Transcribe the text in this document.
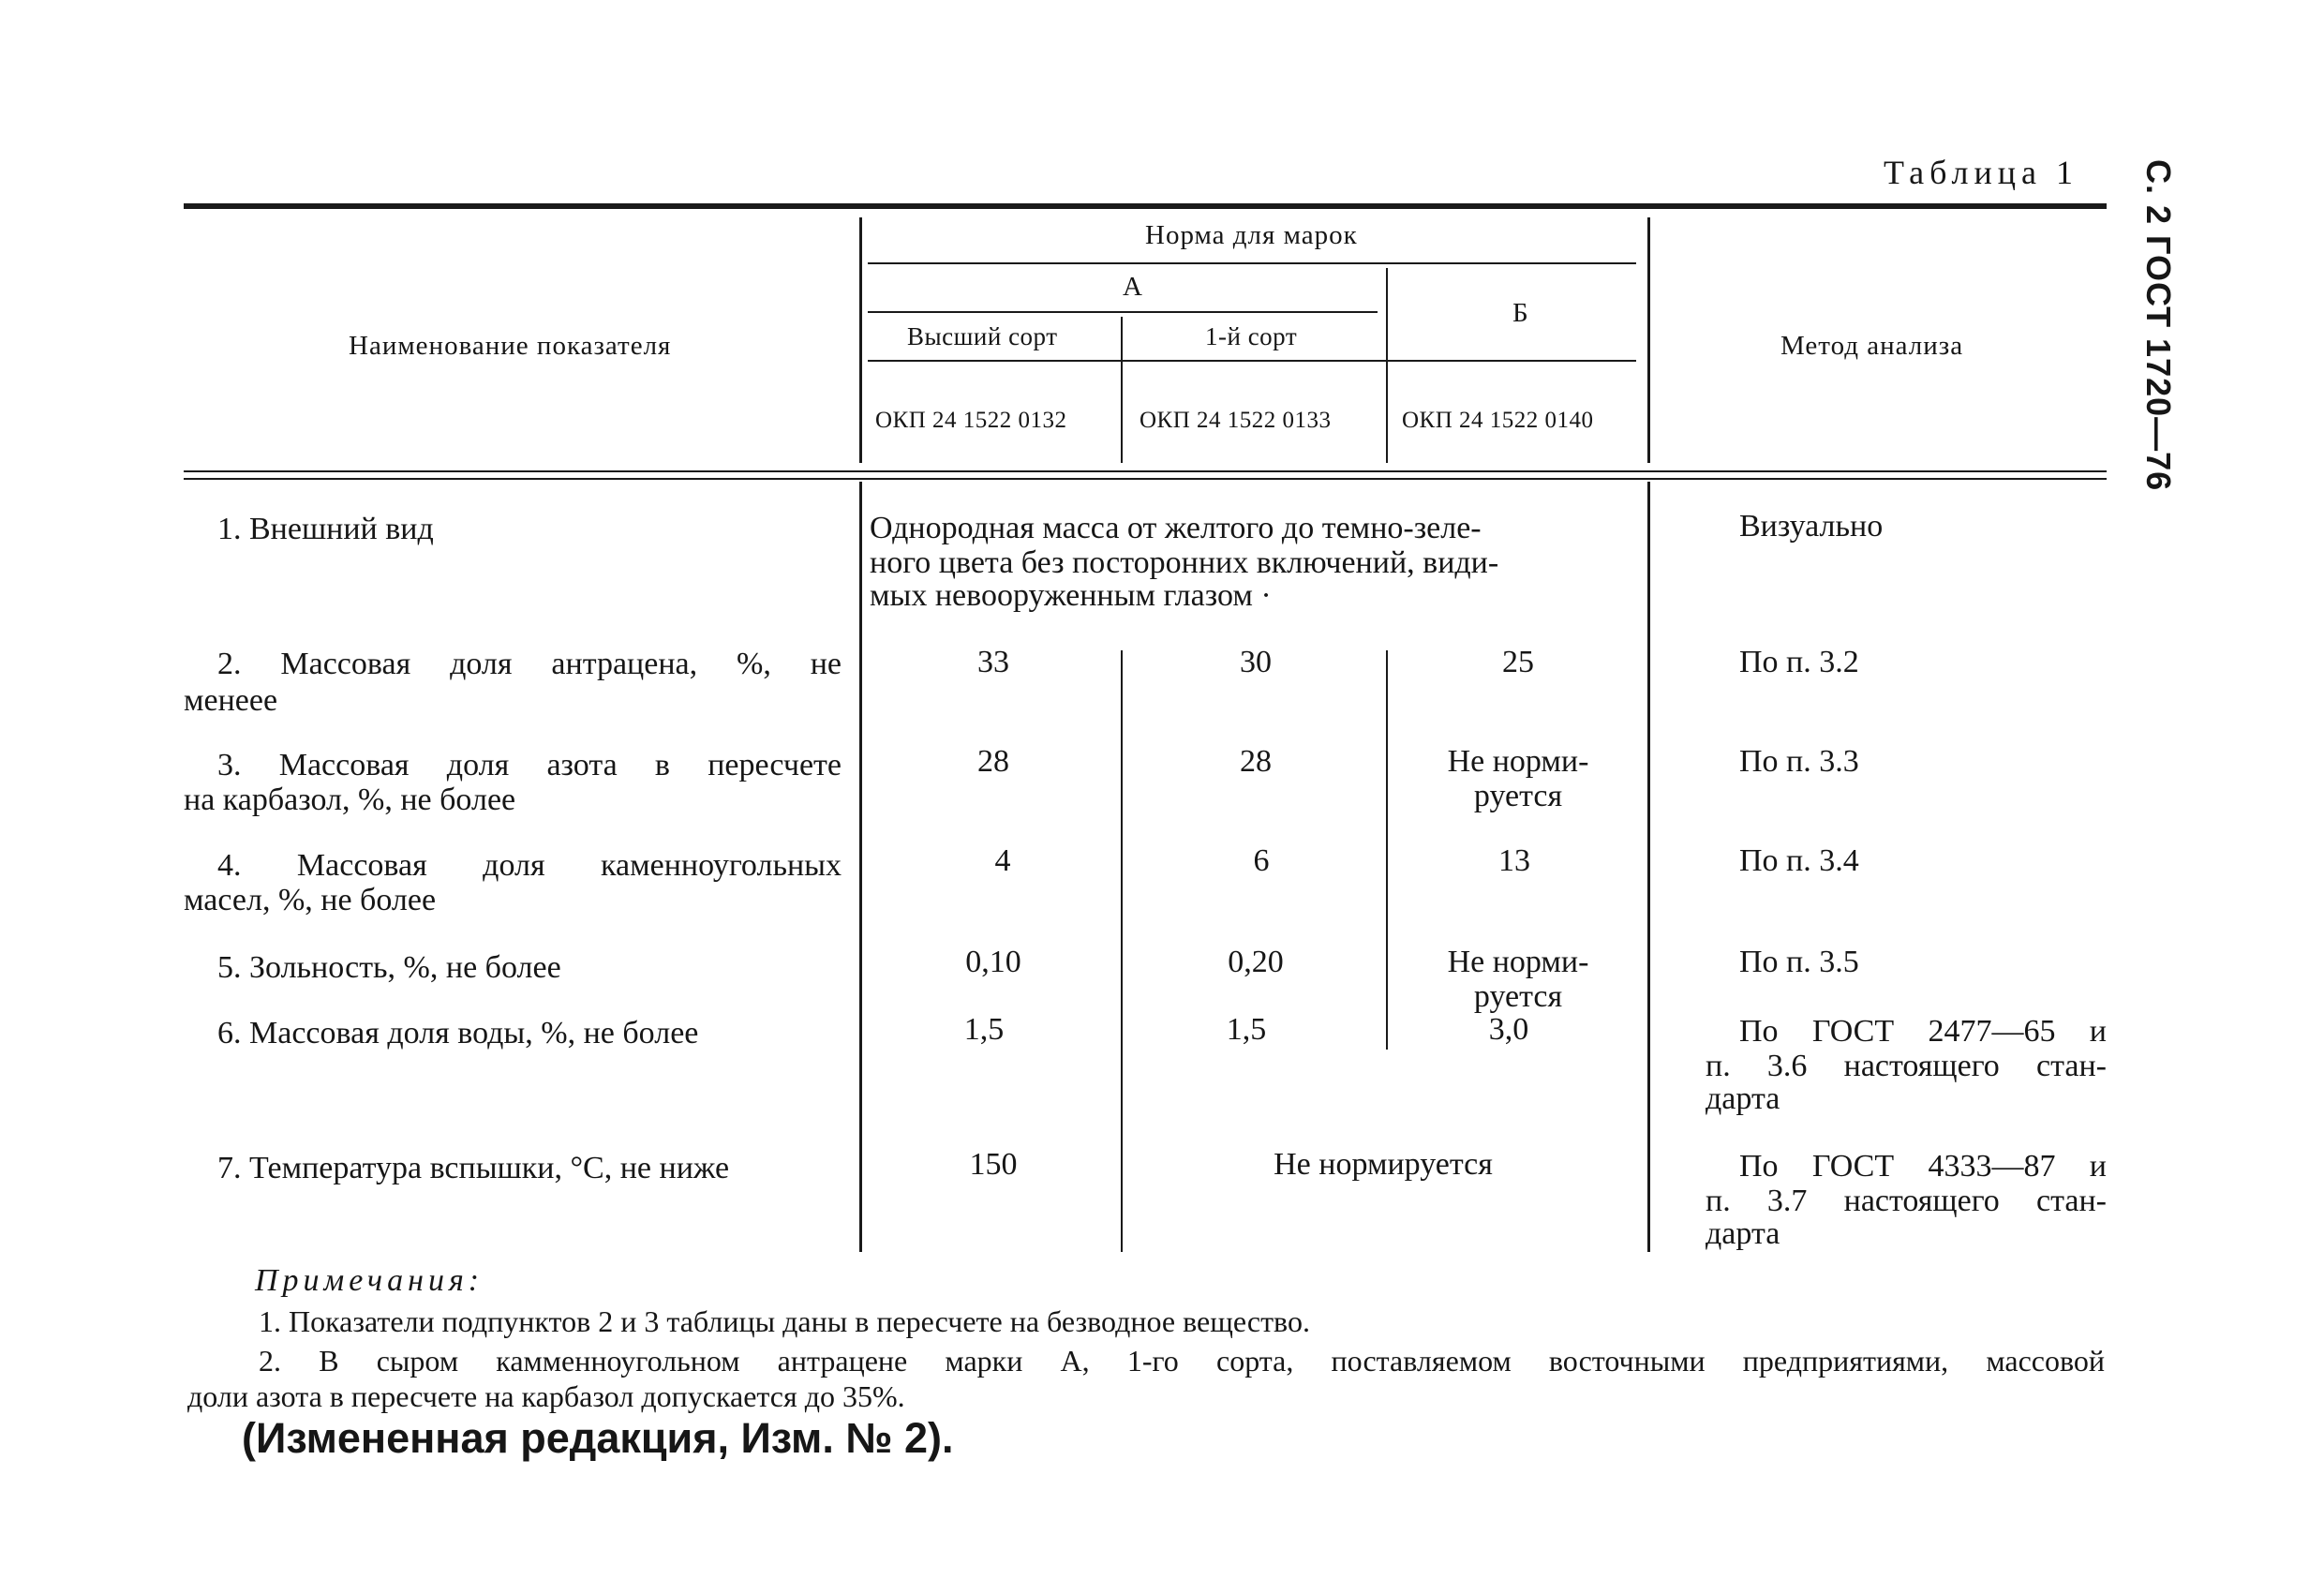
Таблица 1 С. 2 ГОСТ 1720—76
Наименование показателя
Норма для марок
А
Б
Высший сорт	1-й сорт
ОКП 24 1522 0132	ОКП 24 1522 0133	ОКП 24 1522 0140
Метод анализа
1. Внешний вид	Однородная масса от желтого до темно-зеле-
ного цвета без посторонних включений, види-
мых невооруженным глазом ·
Визуально
2. Массовая доля антрацена, %, не
менеее
33	30	25	По п. 3.2
3. Массовая доля азота в пересчете
на карбазол, %, не более
28	28	Не норми-
руется
По п. 3.3
4. Массовая доля каменноугольных
масел, %, не более
4	6	13	По п. 3.4
5. Зольность, %, не более	0,10	0,20	Не норми-
руется
По п. 3.5
6. Массовая доля воды, %, не более	1,5	1,5	3,0	По ГОСТ 2477—65 и
п. 3.6 настоящего стан-
дарта
7. Температура вспышки, °С, не ниже	150	Не нормируется	По ГОСТ 4333—87 и
п. 3.7 настоящего стан-
дарта
Примечания:
1. Показатели подпунктов 2 и 3 таблицы даны в пересчете на безводное вещество.
2. В сыром камменноугольном антрацене марки А, 1-го сорта, поставляемом восточными предприятиями, массовой
доли азота в пересчете на карбазол допускается до 35%.
(Измененная редакция, Изм. № 2).
